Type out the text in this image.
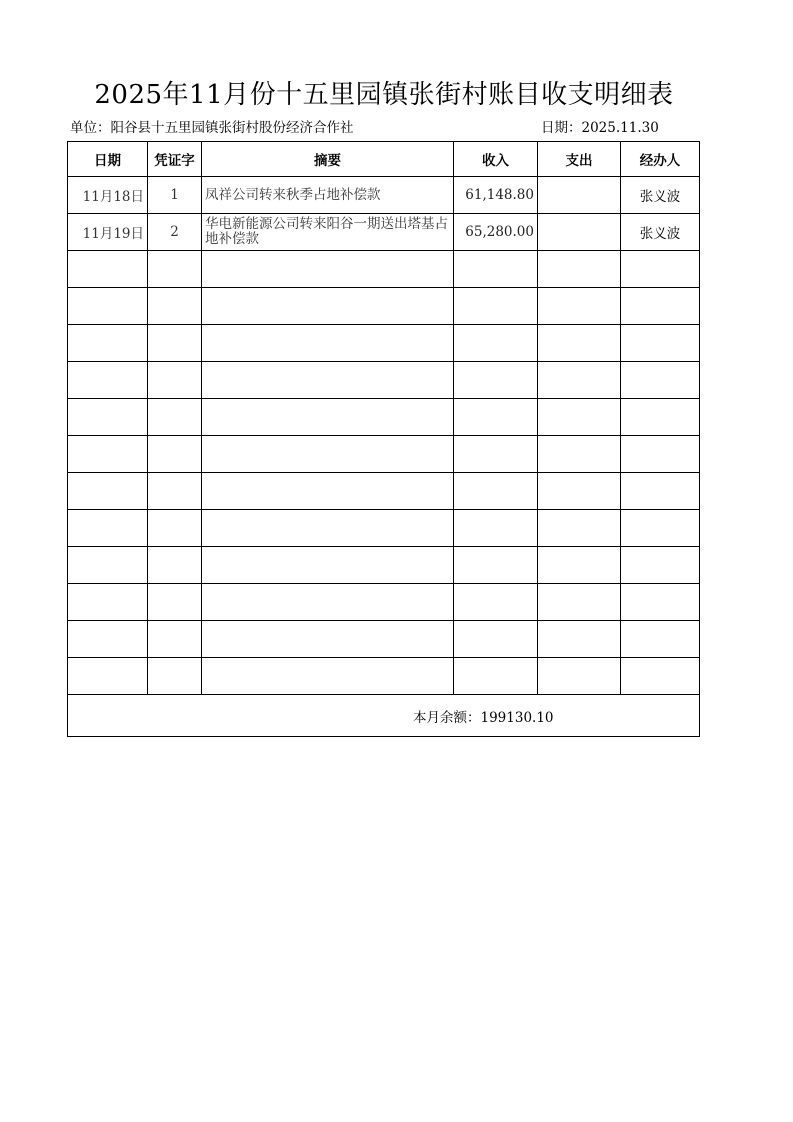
2025年11月份十五里园镇张街村账目收支明细表
单位：阳谷县十五里园镇张街村股份经济合作社	日期：2025.11.30
日期	凭证字	摘要	收入	支出	经办人
11月18日	1	凤祥公司转来秋季占地补偿款	61,148.80		张义波
11月19日	2	华电新能源公司转来阳谷一期送出塔基占地补偿款	65,280.00		张义波

本月余额：199130.10					
